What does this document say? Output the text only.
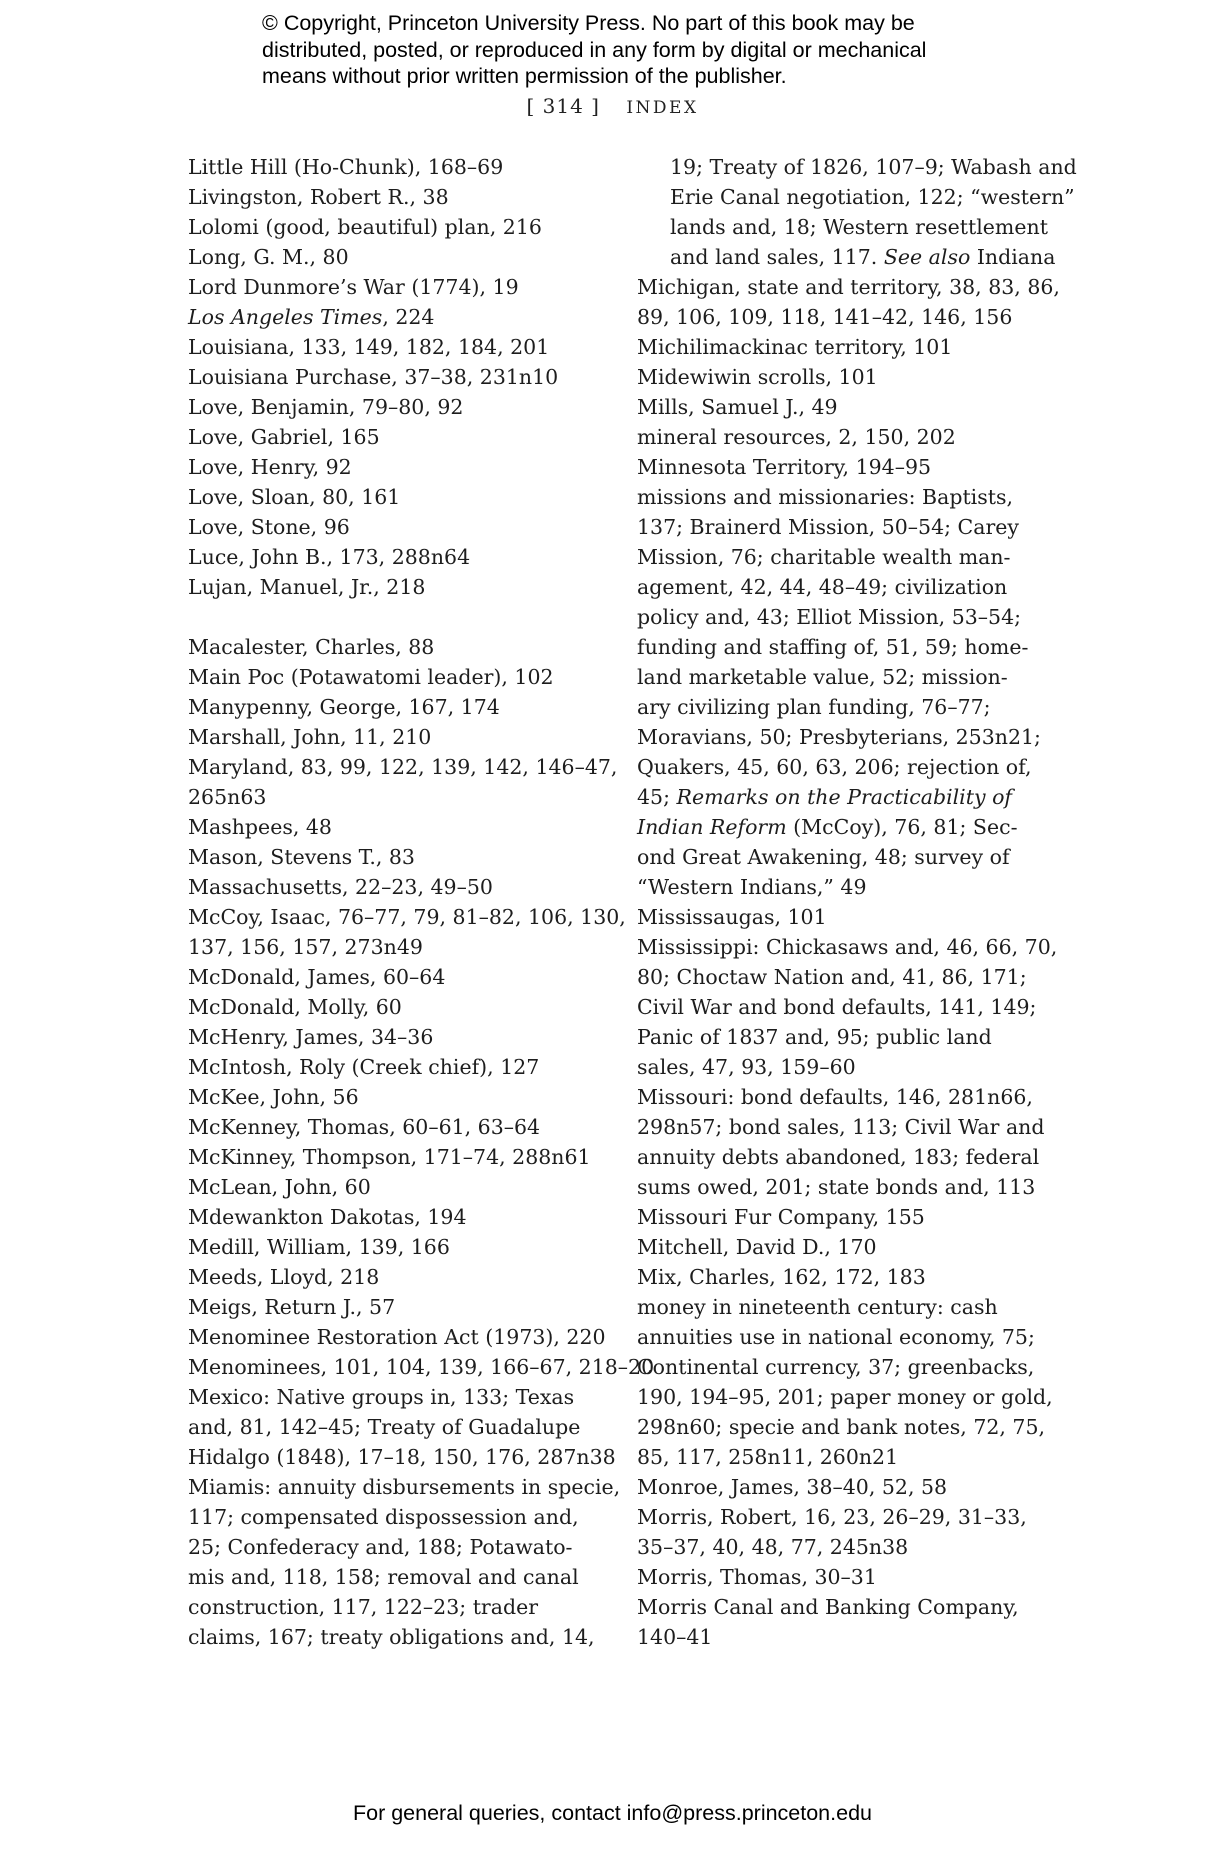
© Copyright, Princeton University Press. No part of this book may be
distributed, posted, or reproduced in any form by digital or mechanical
means without prior written permission of the publisher.
[ 314 ] INDEX
Little Hill (Ho-Chunk), 168–69
Livingston, Robert R., 38
Lolomi (good, beautiful) plan, 216
Long, G. M., 80
Lord Dunmore’s War (1774), 19
Los Angeles Times, 224
Louisiana, 133, 149, 182, 184, 201
Louisiana Purchase, 37–38, 231n10
Love, Benjamin, 79–80, 92
Love, Gabriel, 165
Love, Henry, 92
Love, Sloan, 80, 161
Love, Stone, 96
Luce, John B., 173, 288n64
Lujan, Manuel, Jr., 218
Macalester, Charles, 88
Main Poc (Potawatomi leader), 102
Manypenny, George, 167, 174
Marshall, John, 11, 210
Maryland, 83, 99, 122, 139, 142, 146–47,
265n63
Mashpees, 48
Mason, Stevens T., 83
Massachusetts, 22–23, 49–50
McCoy, Isaac, 76–77, 79, 81–82, 106, 130,
137, 156, 157, 273n49
McDonald, James, 60–64
McDonald, Molly, 60
McHenry, James, 34–36
McIntosh, Roly (Creek chief), 127
McKee, John, 56
McKenney, Thomas, 60–61, 63–64
McKinney, Thompson, 171–74, 288n61
McLean, John, 60
Mdewankton Dakotas, 194
Medill, William, 139, 166
Meeds, Lloyd, 218
Meigs, Return J., 57
Menominee Restoration Act (1973), 220
Menominees, 101, 104, 139, 166–67, 218–20
Mexico: Native groups in, 133; Texas
and, 81, 142–45; Treaty of Guadalupe
Hidalgo (1848), 17–18, 150, 176, 287n38
Miamis: annuity disbursements in specie,
117; compensated dispossession and,
25; Confederacy and, 188; Potawato-
mis and, 118, 158; removal and canal
construction, 117, 122–23; trader
claims, 167; treaty obligations and, 14,
19; Treaty of 1826, 107–9; Wabash and
Erie Canal negotiation, 122; “western”
lands and, 18; Western resettlement
and land sales, 117. See also Indiana
Michigan, state and territory, 38, 83, 86,
89, 106, 109, 118, 141–42, 146, 156
Michilimackinac territory, 101
Midewiwin scrolls, 101
Mills, Samuel J., 49
mineral resources, 2, 150, 202
Minnesota Territory, 194–95
missions and missionaries: Baptists,
137; Brainerd Mission, 50–54; Carey
Mission, 76; charitable wealth man-
agement, 42, 44, 48–49; civilization
policy and, 43; Elliot Mission, 53–54;
funding and staffing of, 51, 59; home-
land marketable value, 52; mission-
ary civilizing plan funding, 76–77;
Moravians, 50; Presbyterians, 253n21;
Quakers, 45, 60, 63, 206; rejection of,
45; Remarks on the Practicability of
Indian Reform (McCoy), 76, 81; Sec-
ond Great Awakening, 48; survey of
“Western Indians,” 49
Mississaugas, 101
Mississippi: Chickasaws and, 46, 66, 70,
80; Choctaw Nation and, 41, 86, 171;
Civil War and bond defaults, 141, 149;
Panic of 1837 and, 95; public land
sales, 47, 93, 159–60
Missouri: bond defaults, 146, 281n66,
298n57; bond sales, 113; Civil War and
annuity debts abandoned, 183; federal
sums owed, 201; state bonds and, 113
Missouri Fur Company, 155
Mitchell, David D., 170
Mix, Charles, 162, 172, 183
money in nineteenth century: cash
annuities use in national economy, 75;
Continental currency, 37; greenbacks,
190, 194–95, 201; paper money or gold,
298n60; specie and bank notes, 72, 75,
85, 117, 258n11, 260n21
Monroe, James, 38–40, 52, 58
Morris, Robert, 16, 23, 26–29, 31–33,
35–37, 40, 48, 77, 245n38
Morris, Thomas, 30–31
Morris Canal and Banking Company,
140–41
For general queries, contact info@press.princeton.edu
